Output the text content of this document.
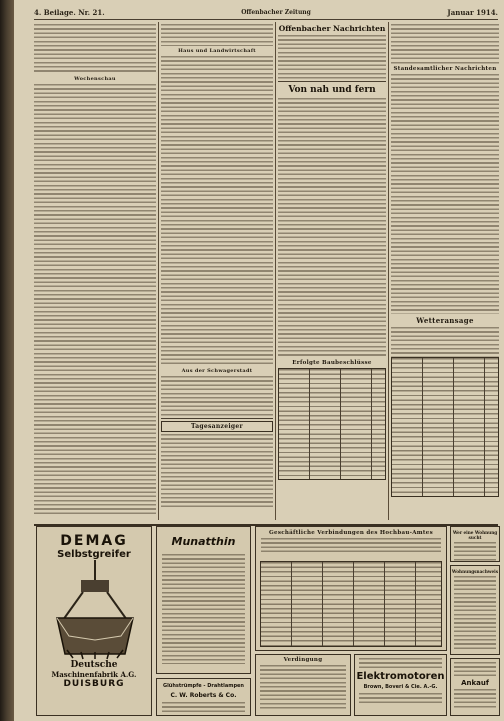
4. Beilage. Nr. 21.	Offenbacher Zeitung	Januar 1914.
Wochenschau
Haus und Landwirtschaft
Aus der Schwagerstadt
Tagesanzeiger
Offenbacher Nachrichten
Von nah und fern
Erfolgte Baubeschlüsse
Standesamtlicher Nachrichten
Wetteransage
DEMAG
Selbstgreifer
Deutsche
Maschinenfabrik A.G.
DUISBURG
Munatthin
Glühstrümpfe - Drahtlampen
C. W. Roberts & Co.
Geschäftliche Verbindungen des Hochbau-Amtes
Verdingung
Elektromotoren
Brown, Boveri & Cie. A.-G.
Wer eine Wohnung sucht
Wohnungsnachweis
Ankauf
